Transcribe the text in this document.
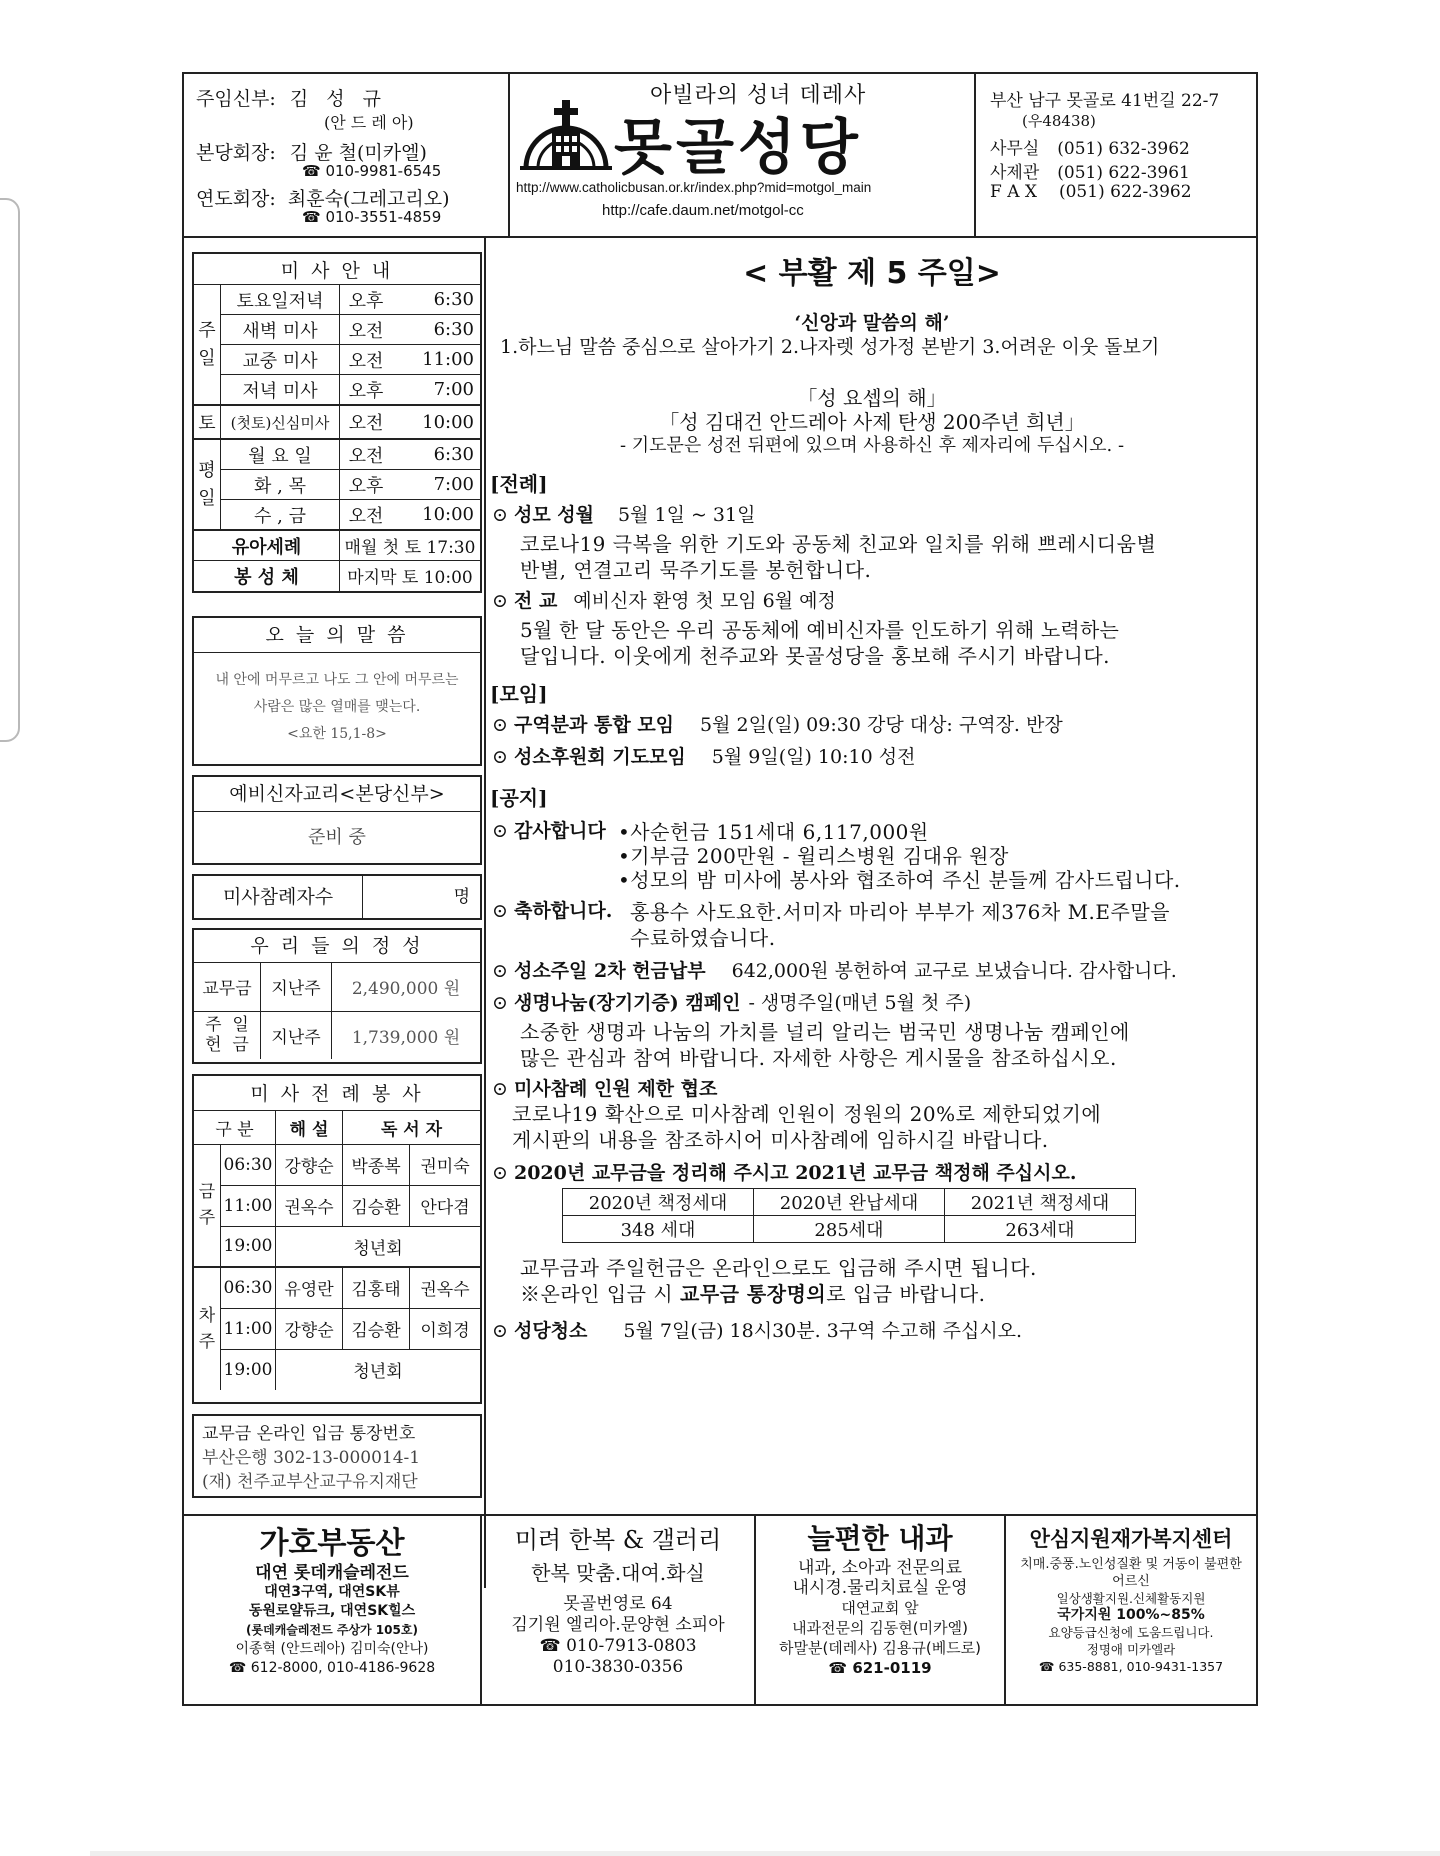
주임신부: 김 성 규
(안 드 레 아)
본당회장: 김 윤 철(미카엘)
☎ 010-9981-6545
연도회장: 최훈숙(그레고리오)
☎ 010-3551-4859
아빌라의 성녀 데레사
못골성당
http://www.catholicbusan.or.kr/index.php?mid=motgol_main
http://cafe.daum.net/motgol-cc
부산 남구 못골로 41번길 22-7
(우48438)
사무실 (051) 632-3962
사제관 (051) 622-3961
F A X (051) 622-3962
미 사 안 내			
주일	토요일저녁	오후	6:30
	새벽 미사	오전	6:30
	교중 미사	오전	11:00
	저녁 미사	오후	7:00
토	(첫토)신심미사	오전	10:00
평일	월 요 일	오전	6:30
	화 , 목	오후	7:00
	수 , 금	오전	10:00
유아세례		매월 첫 토 17:30	
봉 성 체		마지막 토 10:00	
오 늘 의 말 씀
내 안에 머무르고 나도 그 안에 머무르는
사람은 많은 열매를 맺는다.
<요한 15,1-8>
예비신자교리<본당신부>
준비 중
미사참례자수	명
우 리 들 의 정 성
교무금	지난주	2,490,000 원
주  일
헌  금	지난주	1,739,000 원
미 사 전 례 봉 사				
구 분		해 설	독 서 자	
금주	06:30	강향순	박종복	권미숙
	11:00	권옥수	김승환	안다겸
	19:00	청년회		
차주	06:30	유영란	김홍태	권옥수
	11:00	강향순	김승환	이희경
	19:00	청년회		
교무금 온라인 입금 통장번호
부산은행 302-13-000014-1
(재) 천주교부산교구유지재단
< 부활 제 5 주일>
‘신앙과 말씀의 해’
1.하느님 말씀 중심으로 살아가기 2.나자렛 성가정 본받기 3.어려운 이웃 돌보기
「성 요셉의 해」
「성 김대건 안드레아 사제 탄생 200주년 희년」
- 기도문은 성전 뒤편에 있으며 사용하신 후 제자리에 두십시오. -
[전례]
⊙ 성모 성월 5월 1일 ~ 31일
코로나19 극복을 위한 기도와 공동체 친교와 일치를 위해 쁘레시디움별
반별, 연결고리 묵주기도를 봉헌합니다.
⊙ 전 교 예비신자 환영 첫 모임 6월 예정
5월 한 달 동안은 우리 공동체에 예비신자를 인도하기 위해 노력하는
달입니다. 이웃에게 천주교와 못골성당을 홍보해 주시기 바랍니다.
[모임]
⊙ 구역분과 통합 모임 5월 2일(일) 09:30 강당 대상: 구역장. 반장
⊙ 성소후원회 기도모임 5월 9일(일) 10:10 성전
[공지]
⊙ 감사합니다 •사순헌금 151세대 6,117,000원
•기부금 200만원 - 윌리스병원 김대유 원장
•성모의 밤 미사에 봉사와 협조하여 주신 분들께 감사드립니다.
⊙ 축하합니다. 홍용수 사도요한.서미자 마리아 부부가 제376차 M.E주말을
수료하였습니다.
⊙ 성소주일 2차 헌금납부 642,000원 봉헌하여 교구로 보냈습니다. 감사합니다.
⊙ 생명나눔(장기기증) 캠페인 - 생명주일(매년 5월 첫 주)
소중한 생명과 나눔의 가치를 널리 알리는 범국민 생명나눔 캠페인에
많은 관심과 참여 바랍니다. 자세한 사항은 게시물을 참조하십시오.
⊙ 미사참례 인원 제한 협조
코로나19 확산으로 미사참례 인원이 정원의 20%로 제한되었기에
게시판의 내용을 참조하시어 미사참례에 임하시길 바랍니다.
⊙ 2020년 교무금을 정리해 주시고 2021년 교무금 책정해 주십시오.
2020년 책정세대	2020년 완납세대	2021년 책정세대
348 세대	285세대	263세대
교무금과 주일헌금은 온라인으로도 입금해 주시면 됩니다.
※온라인 입금 시 교무금 통장명의로 입금 바랍니다.
⊙ 성당청소 5월 7일(금) 18시30분. 3구역 수고해 주십시오.
가호부동산
대연 롯데캐슬레전드
대연3구역, 대연SK뷰
동원로얄듀크, 대연SK힐스
(롯데캐슬레전드 주상가 105호)
이종혁 (안드레아) 김미숙(안나)
☎ 612-8000, 010-4186-9628
미려 한복 & 갤러리
한복 맞춤.대여.화실
못골번영로 64
김기원 엘리아.문양현 소피아
☎ 010-7913-0803
010-3830-0356
늘편한 내과
내과, 소아과 전문의료
내시경.물리치료실 운영
대연교회 앞
내과전문의 김동현(미카엘)
하말분(데레사) 김용규(베드로)
☎ 621-0119
안심지원재가복지센터
치매.중풍.노인성질환 및 거동이 불편한
어르신
일상생활지원.신체활동지원
국가지원 100%~85%
요양등급신청에 도움드립니다.
정명애 미카엘라
☎ 635-8881, 010-9431-1357
